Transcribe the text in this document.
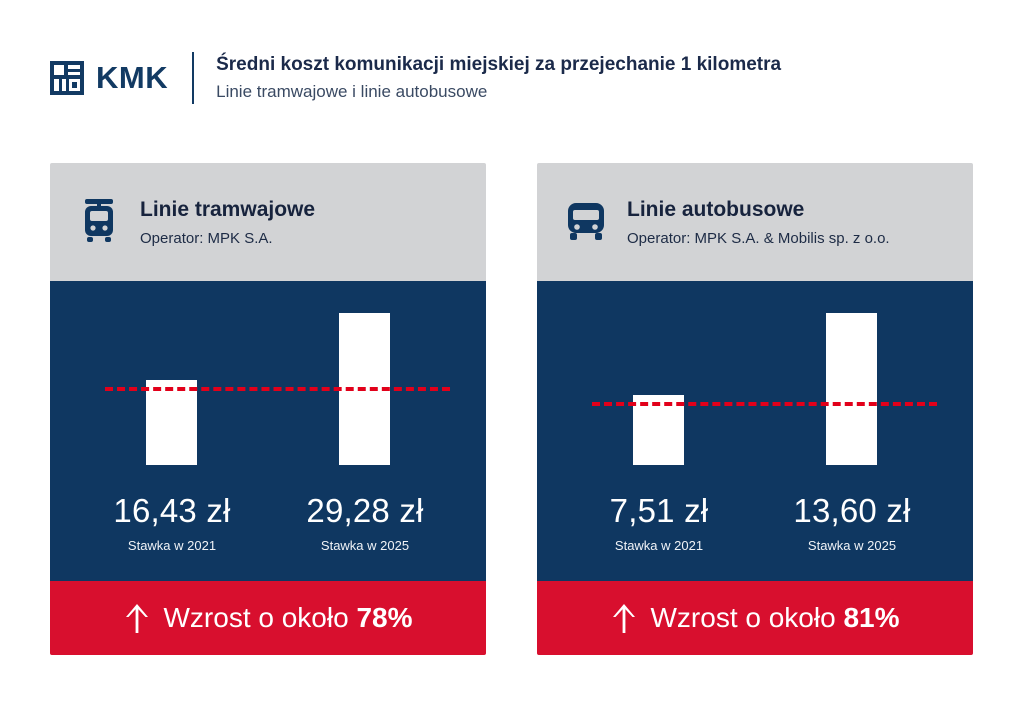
KMK	Średni koszt komunikacji miejskiej za przejechanie 1 kilometra
Linie tramwajowe i linie autobusowe
Linie tramwajowe
Operator: MPK S.A.
16,43 zł
Stawka w 2021
29,28 zł
Stawka w 2025
Wzrost o około 78%
Linie autobusowe
Operator: MPK S.A. & Mobilis sp. z o.o.
7,51 zł
Stawka w 2021
13,60 zł
Stawka w 2025
Wzrost o około 81%
